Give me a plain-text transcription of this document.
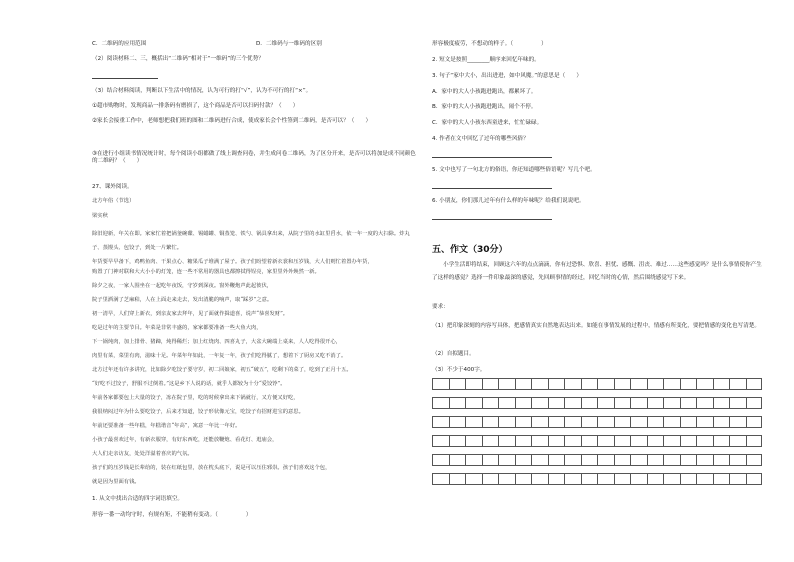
C．二维码的应用范围	D．二维码与一维码的区别
（2）阅读材料二、三，概括出“二维码”相对于“一维码”的三个优势？
（3）结合材料阅读，判断以下生活中的情况，认为可行的打“√”，认为不可行的打“×”。
①超市购物时，发现商品一排条码有磨损了，这个商品是否可以扫码付款？（　　）
②家长会接重工作中，老师想把我们班的图和二维码进行合成，使成家长会个性签到二维码，是否可以？（　　）
③在进行小组读书情况统计时，每个阅读小组都做了线上调查问卷，并生成问卷二维码，为了区分开来，是否可以将加是成不同颜色的二维码？（　　）
27、课外阅读。
北方年俗（节选）
梁实秋
除旧迎新，年关在即。家家忙着把锅釜碗碟、锡蜡罐、铜蒸笼、铁勺、锅具拿出来，从院子里的水缸里舀水，依一年一度的大扫除。炸丸子、蒸馒头、包饺子，到处一片繁忙。
年货要早早备下，鸡鸭鱼肉、干果点心、糖果瓜子堆满了屋子。孩子们盼望着新衣裳和压岁钱，大人们则忙着置办年货，
购置了门神对联和大大小小的灯笼，连一些不常用的器具也都擦拭得锃亮，家里里外外焕然一新。
除夕之夜，一家人围坐在一起吃年夜饭，守岁到深夜。窗外鞭炮声此起彼伏，
院子里洒满了芝麻秸，人在上面走来走去，发出清脆的响声，取“踩岁”之意。
初一清早，人们穿上新衣，到亲友家去拜年，见了面就作揖道喜，说声“恭喜发财”。
吃是过年的主要节目。年菜是非常丰盛的，家家都要准备一些大鱼大肉，
下一锅炖肉，加上排骨、猪蹄，炖得稀烂；加上红烧肉、四喜丸子，大盆大碗端上桌来，人人吃得很开心，
肉里有菜，菜里有肉，滋味十足。年菜年年如此，一年复一年，孩子们吃得腻了，想着下了厨房又吃不消了。
北方过年还有许多讲究，比如除夕吃饺子要守岁，初二回娘家，初五“破五”，吃剩下的菜了，吃到了正月十五。
“好吃不过饺子，舒服不过倒着。”这是乡下人说的话，就乎人都较为十分“爱饺饽”。
年前各家都要包上大量的饺子，冻在院子里，吃的时候拿出来下锅就行，又方便又好吃，
我很纳闷过年为什么要吃饺子，后来才知道，饺子形状像元宝，吃饺子有招财进宝的意思。
年前还要准备一些年糕，年糕谐音“年高”，寓意一年比一年好。
小孩子最喜欢过年，有新衣服穿，有好东西吃，还能放鞭炮、看花灯、逛庙会，
大人们走亲访友，处处洋溢着喜庆的气氛。
孩子们的压岁钱是长辈给的，装在红纸包里，放在枕头底下，说是可以压住邪祟。孩子们喜欢这个包，
就是因为里面有钱。
1. 从文中找出合适的四字词语填空。
形容一番一动均守时，有规有矩，不能稍有变动。（　　　　　）
形容极度疲劳，不想动的样子。（　　　　　）
2. 短文是按照________顺序来回忆年味的。
3. 句子“家中大小，出出进进，如中风魔。”的意思是（　　）
A．家中的大人小孩跑进跑出，都累坏了。
B．家中的大人小孩跑进跑出，闹个不停。
C．家中的大人小孩东西童进来，忙忙碌碌。
4. 作者在文中回忆了过年的哪些风俗？
5. 文中也写了一句北方的俗语，你还知道哪些俗语呢？写几个吧。
6. 小朋友，你们那儿过年有什么样的年味呢？给我们说说吧。
五、作文（30分）
小学生活即将结束，回顾这六年的点点滴滴，你有过恐惧、欣喜、担忧、感慨、沮丧、难过……这些感觉吗？是什么事情使你产生了这样的感觉？选择一件印象最深的感觉，先回顾事情的经过，回忆当时的心情，然后围绕感觉写下来。
要求：
（1）把印象深刻的内容写具体，把感情真实自然地表达出来。如能在事情发展的过程中，情感有所变化，要把情感的变化也写清楚。
（2）自拟题目。
（3）不少于400字。
